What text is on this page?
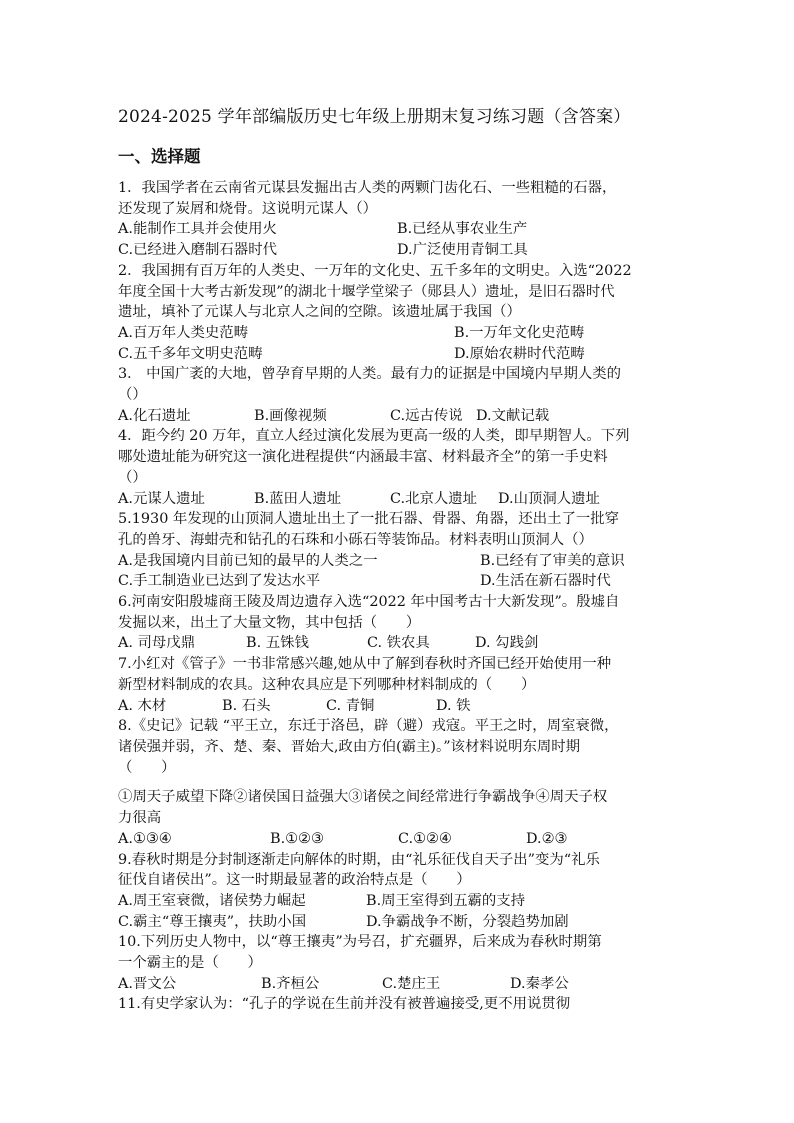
2024-2025 学年部编版历史七年级上册期末复习练习题（含答案）
一、选择题
1．我国学者在云南省元谋县发掘出古人类的两颗门齿化石、一些粗糙的石器，
还发现了炭屑和烧骨。这说明元谋人（）
A.能制作工具并会使用火	B.已经从事农业生产
C.已经进入磨制石器时代	D.广泛使用青铜工具
2．我国拥有百万年的人类史、一万年的文化史、五千多年的文明史。入选“2022
年度全国十大考古新发现”的湖北十堰学堂梁子（郧县人）遗址，是旧石器时代
遗址，填补了元谋人与北京人之间的空隙。该遗址属于我国（）
A.百万年人类史范畴	B.一万年文化史范畴
C.五千多年文明史范畴	D.原始农耕时代范畴
3． 中国广袤的大地，曾孕育早期的人类。最有力的证据是中国境内早期人类的
（）
A.化石遗址	B.画像视频	C.远古传说 D.文献记载
4．距今约 20 万年，直立人经过演化发展为更高一级的人类，即早期智人。下列
哪处遗址能为研究这一演化进程提供“内涵最丰富、材料最齐全”的第一手史料
（）
A.元谋人遗址	B.蓝田人遗址	C.北京人遗址	D.山顶洞人遗址
5.1930 年发现的山顶洞人遗址出土了一批石器、骨器、角器，还出土了一批穿
孔的兽牙、海蚶壳和钻孔的石珠和小砾石等装饰品。材料表明山顶洞人（）
A.是我国境内目前已知的最早的人类之一	B.已经有了审美的意识
C.手工制造业已达到了发达水平	D.生活在新石器时代
6.河南安阳殷墟商王陵及周边遗存入选“2022 年中国考古十大新发现”。殷墟自
发掘以来，出土了大量文物，其中包括（　　）
A. 司母戊鼎	B. 五铢钱	C. 铁农具	D. 勾践剑
7.小红对《管子》一书非常感兴趣,她从中了解到春秋时齐国已经开始使用一种
新型材料制成的农具。这种农具应是下列哪种材料制成的（　　）
A. 木材	B. 石头	C. 青铜	D. 铁
8.《史记》记载 “平王立，东迁于洛邑，辟（避）戎寇。平王之时，周室衰微，
诸侯强并弱，齐、楚、秦、晋始大,政由方伯(霸主)。”该材料说明东周时期
（　　）
①周天子威望下降②诸侯国日益强大③诸侯之间经常进行争霸战争④周天子权
力很高
A.①③④	B.①②③	C.①②④	D.②③
9.春秋时期是分封制逐渐走向解体的时期，由“礼乐征伐自天子出”变为“礼乐
征伐自诸侯出”。这一时期最显著的政治特点是（　　）
A.周王室衰微，诸侯势力崛起	B.周王室得到五霸的支持
C.霸主“尊王攘夷”，扶助小国	D.争霸战争不断，分裂趋势加剧
10.下列历史人物中，以“尊王攘夷”为号召，扩充疆界，后来成为春秋时期第
一个霸主的是（　　）
A.晋文公	B.齐桓公	C.楚庄王	D.秦孝公
11.有史学家认为：“孔子的学说在生前并没有被普遍接受,更不用说贯彻
